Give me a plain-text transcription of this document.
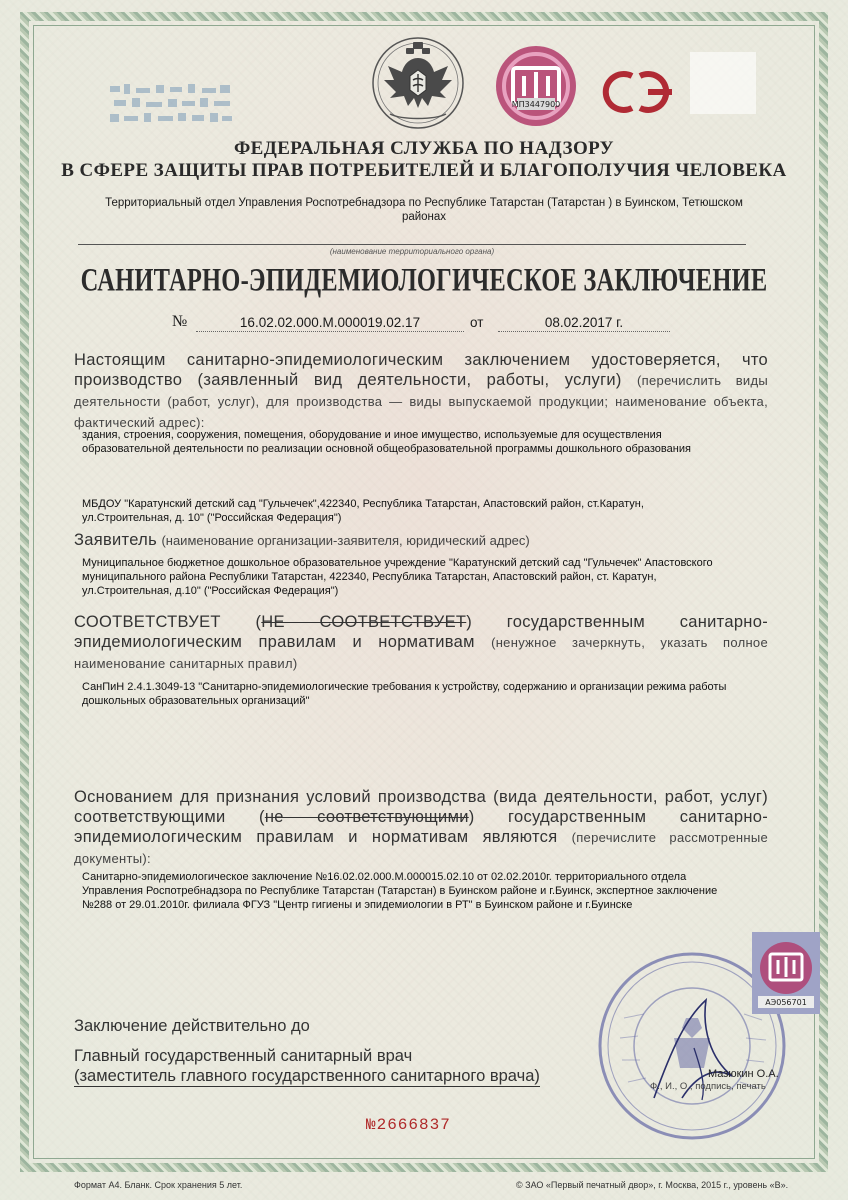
МП3447900
ФЕДЕРАЛЬНАЯ СЛУЖБА ПО НАДЗОРУ
В СФЕРЕ ЗАЩИТЫ ПРАВ ПОТРЕБИТЕЛЕЙ И БЛАГОПОЛУЧИЯ ЧЕЛОВЕКА
Территориальный отдел Управления Роспотребнадзора по Республике Татарстан (Татарстан ) в Буинском, Тетюшском районах
(наименование территориального органа)
САНИТАРНО-ЭПИДЕМИОЛОГИЧЕСКОЕ ЗАКЛЮЧЕНИЕ
№	16.02.02.000.М.000019.02.17	от	08.02.2017 г.
Настоящим санитарно-эпидемиологическим заключением удостоверяется, что производство (заявленный вид деятельности, работы, услуги) (перечислить виды деятельности (работ, услуг), для производства — виды выпускаемой продукции; наименование объекта, фактический адрес):
здания, строения, сооружения, помещения, оборудование и иное имущество, используемые для осуществления образовательной деятельности по реализации основной общеобразовательной программы дошкольного образования
МБДОУ "Каратунский детский сад "Гульчечек",422340, Республика Татарстан, Апастовский район, ст.Каратун, ул.Строительная, д. 10" ("Российская Федерация")
Заявитель (наименование организации-заявителя, юридический адрес)
Муниципальное бюджетное дошкольное образовательное учреждение "Каратунский детский сад "Гульчечек" Апастовского муниципального района Республики Татарстан, 422340, Республика Татарстан, Апастовский район, ст. Каратун, ул.Строительная, д.10" ("Российская Федерация")
СООТВЕТСТВУЕТ (НЕ СООТВЕТСТВУЕТ) государственным санитарно-эпидемиологическим правилам и нормативам (ненужное зачеркнуть, указать полное наименование санитарных правил)
СанПиН 2.4.1.3049-13 "Санитарно-эпидемиологические требования к устройству, содержанию и организации режима работы дошкольных образовательных организаций"
Основанием для признания условий производства (вида деятельности, работ, услуг) соответствующими (не соответствующими) государственным санитарно-эпидемиологическим правилам и нормативам являются (перечислите рассмотренные документы):
Санитарно-эпидемиологическое заключение №16.02.02.000.М.000015.02.10 от 02.02.2010г. территориального отдела Управления Роспотребнадзора по Республике Татарстан (Татарстан) в Буинском районе и г.Буинск, экспертное заключение №288 от 29.01.2010г. филиала ФГУЗ "Центр гигиены и эпидемиологии в РТ" в Буинском районе и г.Буинске
Заключение действительно до
Главный государственный санитарный врач
(заместитель главного государственного санитарного врача)
АЭ056701
Мазюкин О.А.
Ф., И., О., подпись, печать
№2666837
Формат А4. Бланк. Срок хранения 5 лет.	© ЗАО «Первый печатный двор», г. Москва, 2015 г., уровень «В».
